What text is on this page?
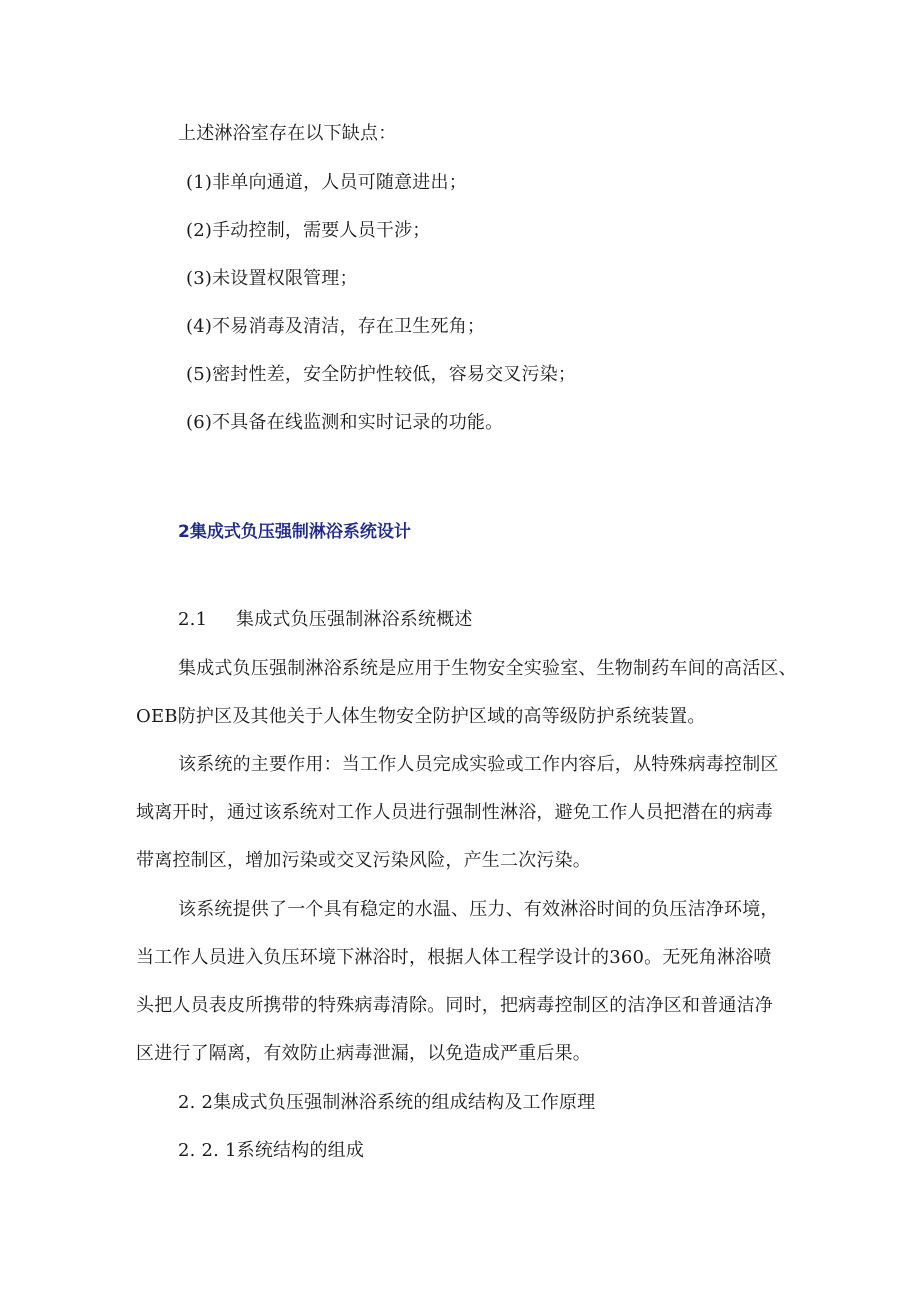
上述淋浴室存在以下缺点：
(1)非单向通道，人员可随意进出；
(2)手动控制，需要人员干涉；
(3)未设置权限管理；
(4)不易消毒及清洁，存在卫生死角；
(5)密封性差，安全防护性较低，容易交叉污染；
(6)不具备在线监测和实时记录的功能。
2集成式负压强制淋浴系统设计
2.1 集成式负压强制淋浴系统概述
集成式负压强制淋浴系统是应用于生物安全实验室、生物制药车间的高活区、
OEB防护区及其他关于人体生物安全防护区域的高等级防护系统装置。
该系统的主要作用：当工作人员完成实验或工作内容后，从特殊病毒控制区
域离开时，通过该系统对工作人员进行强制性淋浴，避免工作人员把潜在的病毒
带离控制区，增加污染或交叉污染风险，产生二次污染。
该系统提供了一个具有稳定的水温、压力、有效淋浴时间的负压洁净环境，
当工作人员进入负压环境下淋浴时，根据人体工程学设计的360。无死角淋浴喷
头把人员表皮所携带的特殊病毒清除。同时，把病毒控制区的洁净区和普通洁净
区进行了隔离，有效防止病毒泄漏，以免造成严重后果。
2. 2集成式负压强制淋浴系统的组成结构及工作原理
2. 2. 1系统结构的组成
